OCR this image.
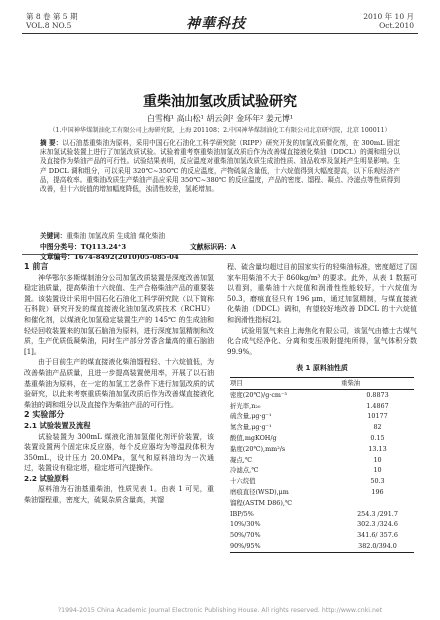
第 8 卷 第 5 期
VOL.8 NO.5	神華科技	2010 年 10 月
Oct.2010
重柴油加氢改质试验研究
白雪梅¹ 高山松¹ 胡云剑² 金环年² 姜元博¹
（1.中国神华煤制油化工有限公司上海研究院，上海 201108；2.中国神华煤制油化工有限公司北京研究院，北京 100011）
摘 要：以石油基重柴油为原料，采用中国石化石油化工科学研究院（RIPP）研究开发的加氢改质催化剂，在 300mL 固定床加氢试验装置上进行了加氢改质试验。试验着重考察重柴油加氢改质后作为改善煤直接液化柴油（DDCL）的调和组分以及直接作为柴油产品的可行性。试验结果表明，反应温度对重柴油加氢改质生成油性质、油品收率及氢耗产生明显影响。生产 DDCL 调和组分，可以采用 320℃~350℃ 的反应温度，产物硫氮含量低，十六烷值得到大幅度提高，以下乐观经济产品，提高收率。重柴油改质生产柴油产品应采用 350℃~380℃ 的反应温度，产品的密度、馏程、凝点、冷滤点等性质得到改善，但十六烷值的增加幅度降低，浊清性较差，氢耗增加。
关键词：重柴油 加氢改质 生成油 煤化柴油
中图分类号：TQ113.24⁺3	文献标识码：A文章编号：1674-8492(2010)05-085-04

1 前言

神华鄂尔多斯煤制油分公司加氢改质装置是深度改善加氢稳定油质量，提高柴油十六烷值、生产合格柴油产品的重要装置。该装置设计采用中国石化石油化工科学研究院（以下简称石科院）研究开发的煤直接液化油加氢改质技术（RCHU）和催化剂，以煤液化加氢稳定装置生产的 145℃ 的生成油和轻烃回收装置来的加氢石脑油为原料，进行深度加氢精制和改质，生产优质低凝柴油，同时生产部分芳香含量高的重石脑油[1]。

由于目前生产的煤直接液化柴油馏程轻、十六烷值低，为改善柴油产品质量，且进一步提高装置使用率，开展了以石油基重柴油为原料，在一定的加氢工艺条件下进行加氢改质的试验研究，以此来考察重质柴油加氢改质后作为改善煤直接液化柴油的调和组分以及直接作为柴油产品的可行性。

2 实验部分

2.1 试验装置及流程

试验装置为 300mL 煤液化油加氢催化剂评价装置，该装置设置两个固定床反应器，每个反应器均为等温段体积为 350mL，设计压力 20.0MPa，氢气和原料油均为一次通过，装置设有稳定塔，稳定塔可汽提操作。

2.2 试验原料

原料油为石油基重柴油，性质见表 1。由表 1 可见，重柴油馏程重，密度大，硫氮杂质含量高，其馏

程、硫含量均超过目前国家实行的轻柴油标准，密度超过了国家车用柴油不大于 860kg/m³ 的要求。此外，从表 1 数据可以看到，重柴油十六烷值和润滑性性能较好，十六烷值为 50.3，磨痕直径只有 196 μm，通过加氢精制，与煤直接液化柴油（DDCL）调和，有望较好地改善 DDCL 的十六烷值和润滑性指标[2]。

试验用氢气来自上海焦化有限公司，该氢气由德士古煤气化合成气经净化、分离和变压吸附提纯所得，氢气体积分数 99.9%。

表 1 原料油性质
项目	重柴油
密度(20℃)/g·cm⁻³	0.8873
折光率,n₂₀	1.4867
硫含量,μg·g⁻¹	10177
氮含量,μg·g⁻¹	82
酸值,mgKOH/g	0.15
黏度(20℃),mm²/s	13.13
凝点,℃	10
冷滤点,℃	10
十六烷值	50.3
磨痕直径(WSD),μm	196
馏程(ASTM D86),℃	
IBP/5%	254.3 /291.7
10%/30%	302.3 /324.6
50%/70%	341.6/ 357.6
90%/95%	382.0/394.0
?1994-2015 China Academic Journal Electronic Publishing House. All rights reserved. http://www.cnki.net
